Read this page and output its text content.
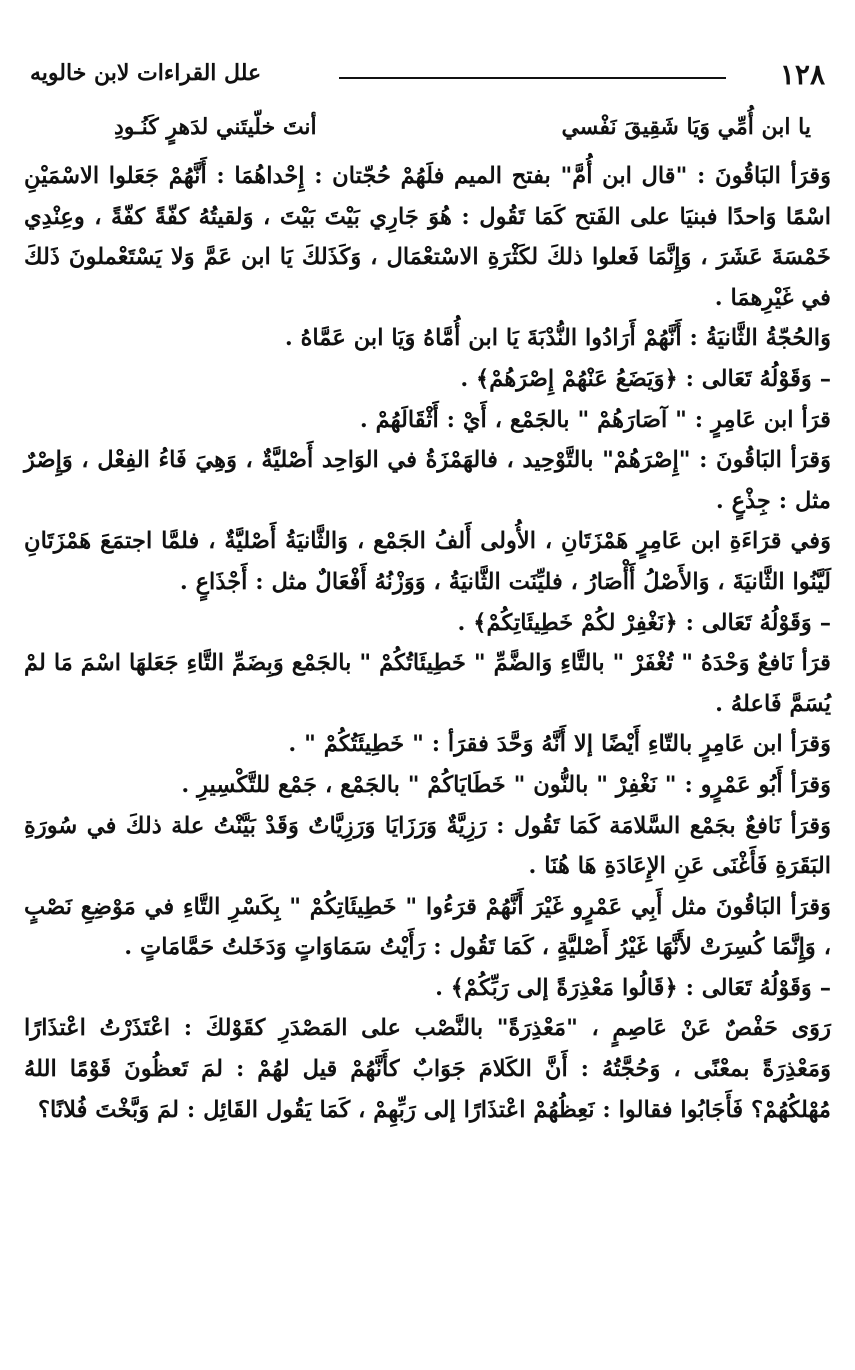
١٢٨
علل القراءات لابن خالويه
يا ابن أُمِّي وَيَا شَقِيقَ نَفْسي
أنتَ خلّيتَني لدَهرٍ كَنُـودِ

وَقرَأ البَاقُونَ : "قال ابن أُمَّ" بفتح الميم فلَهُمْ حُجّتان : إِحْداهُمَا : أَنَّهُمْ جَعَلوا الاسْمَيْنِ اسْمًا وَاحدًا فبنيَا على الفَتح كَمَا تَقُول : هُوَ جَارِي بَيْتَ بَيْتَ ، وَلقيتُهُ كفّةً كفّةً ، وعِنْدِي خَمْسَةَ عَشَرَ ، وَإِنَّمَا فَعلوا ذلكَ لكَثْرَةِ الاسْتعْمَال ، وَكَذَلكَ يَا ابن عَمَّ وَلا يَسْتَعْملونَ ذَلكَ في غَيْرِهمَا .

وَالحُجّةُ الثَّانيَةُ : أَنَّهُمْ أَرَادُوا النُّدْبَةَ يَا ابن أُمَّاهُ وَيَا ابن عَمَّاهُ .

– وَقَوْلُهُ تَعَالى : ﴿وَيَضَعُ عَنْهُمْ إِصْرَهُمْ﴾ .

قرَأ ابن عَامِرٍ : " آصَارَهُمْ " بالجَمْع ، أَيْ : أَثْقَالَهُمْ .

وَقرَأ البَاقُونَ : "إِصْرَهُمْ" بالتَّوْحِيد ، فالهَمْزَةُ في الوَاحِد أَصْليَّةٌ ، وَهِيَ فَاءُ الفِعْل ، وَإِصْرٌ مثل : جِذْعٍ .

وَفي قرَاءَةِ ابن عَامِرٍ هَمْزَتَانِ ، الأُولى أَلفُ الجَمْع ، وَالثَّانيَةُ أَصْليَّةٌ ، فلمَّا اجتمَعَ هَمْزَتَانِ لَيَّنُوا الثَّانيَةَ ، وَالأَصْلُ أَأْصَارُ ، فليِّنَت الثَّانيَةُ ، وَوَزْنُهُ أَفْعَالٌ مثل : أَجْذَاعٍ .

– وَقَوْلُهُ تَعَالى : ﴿نَغْفِرْ لكُمْ خَطِيئَاتِكُمْ﴾ .

قرَأ نَافعٌ وَحْدَهُ " تُغْفَرْ " بالتَّاءِ وَالضَّمِّ " خَطِيئَاتُكُمْ " بالجَمْع وَبِضَمِّ التَّاءِ جَعَلهَا اسْمَ مَا لمْ يُسَمَّ فَاعلهُ .

وَقرَأ ابن عَامِرٍ بالتّاءِ أَيْضًا إلا أَنَّهُ وَحَّدَ فقرَأ : " خَطِيئَتُكُمْ " .

وَقرَأ أَبُو عَمْرٍو : " نَغْفِرْ " بالنُّون " خَطَايَاكُمْ " بالجَمْع ، جَمْع للتَّكْسِيرِ .

وَقرَأ نَافعٌ بجَمْع السَّلامَة كَمَا تَقُول : رَزِيَّةٌ وَرَزَايَا وَرَزِيَّاتٌ وَقَدْ بَيَّنْتُ علة ذلكَ في سُورَةِ البَقَرَةِ فَأَغْنَى عَنِ الإِعَادَةِ هَا هُنَا .

وَقرَأ البَاقُونَ مثل أَبِي عَمْرٍو غَيْرَ أَنَّهُمْ قرَءُوا " خَطِيئَاتِكُمْ " بِكَسْرِ التَّاءِ في مَوْضِعِ نَصْبٍ ، وَإِنَّمَا كُسِرَتْ لأَنَّهَا غَيْرُ أَصْليَّةٍ ، كَمَا تَقُول : رَأَيْتُ سَمَاوَاتٍ وَدَخَلتُ حَمَّامَاتٍ .

– وَقَوْلُهُ تَعَالى : ﴿قَالُوا مَعْذِرَةً إلى رَبِّكُمْ﴾ .

رَوَى حَفْصٌ عَنْ عَاصِمٍ ، "مَعْذِرَةً" بالنَّصْب على المَصْدَرِ كقَوْلكَ : اعْتَذَرْتُ اعْتذَارًا وَمَعْذِرَةً بمعْنًى ، وَحُجَّتُهُ : أَنَّ الكَلامَ جَوَابٌ كأَنَّهُمْ قيل لهُمْ : لمَ تَعظُونَ قَوْمًا اللهُ مُهْلكُهُمْ؟ فَأَجَابُوا فقالوا : نَعِظُهُمْ اعْتذَارًا إلى رَبِّهِمْ ، كَمَا يَقُول القَائِل : لمَ وَبَّخْتَ فُلانًا؟
